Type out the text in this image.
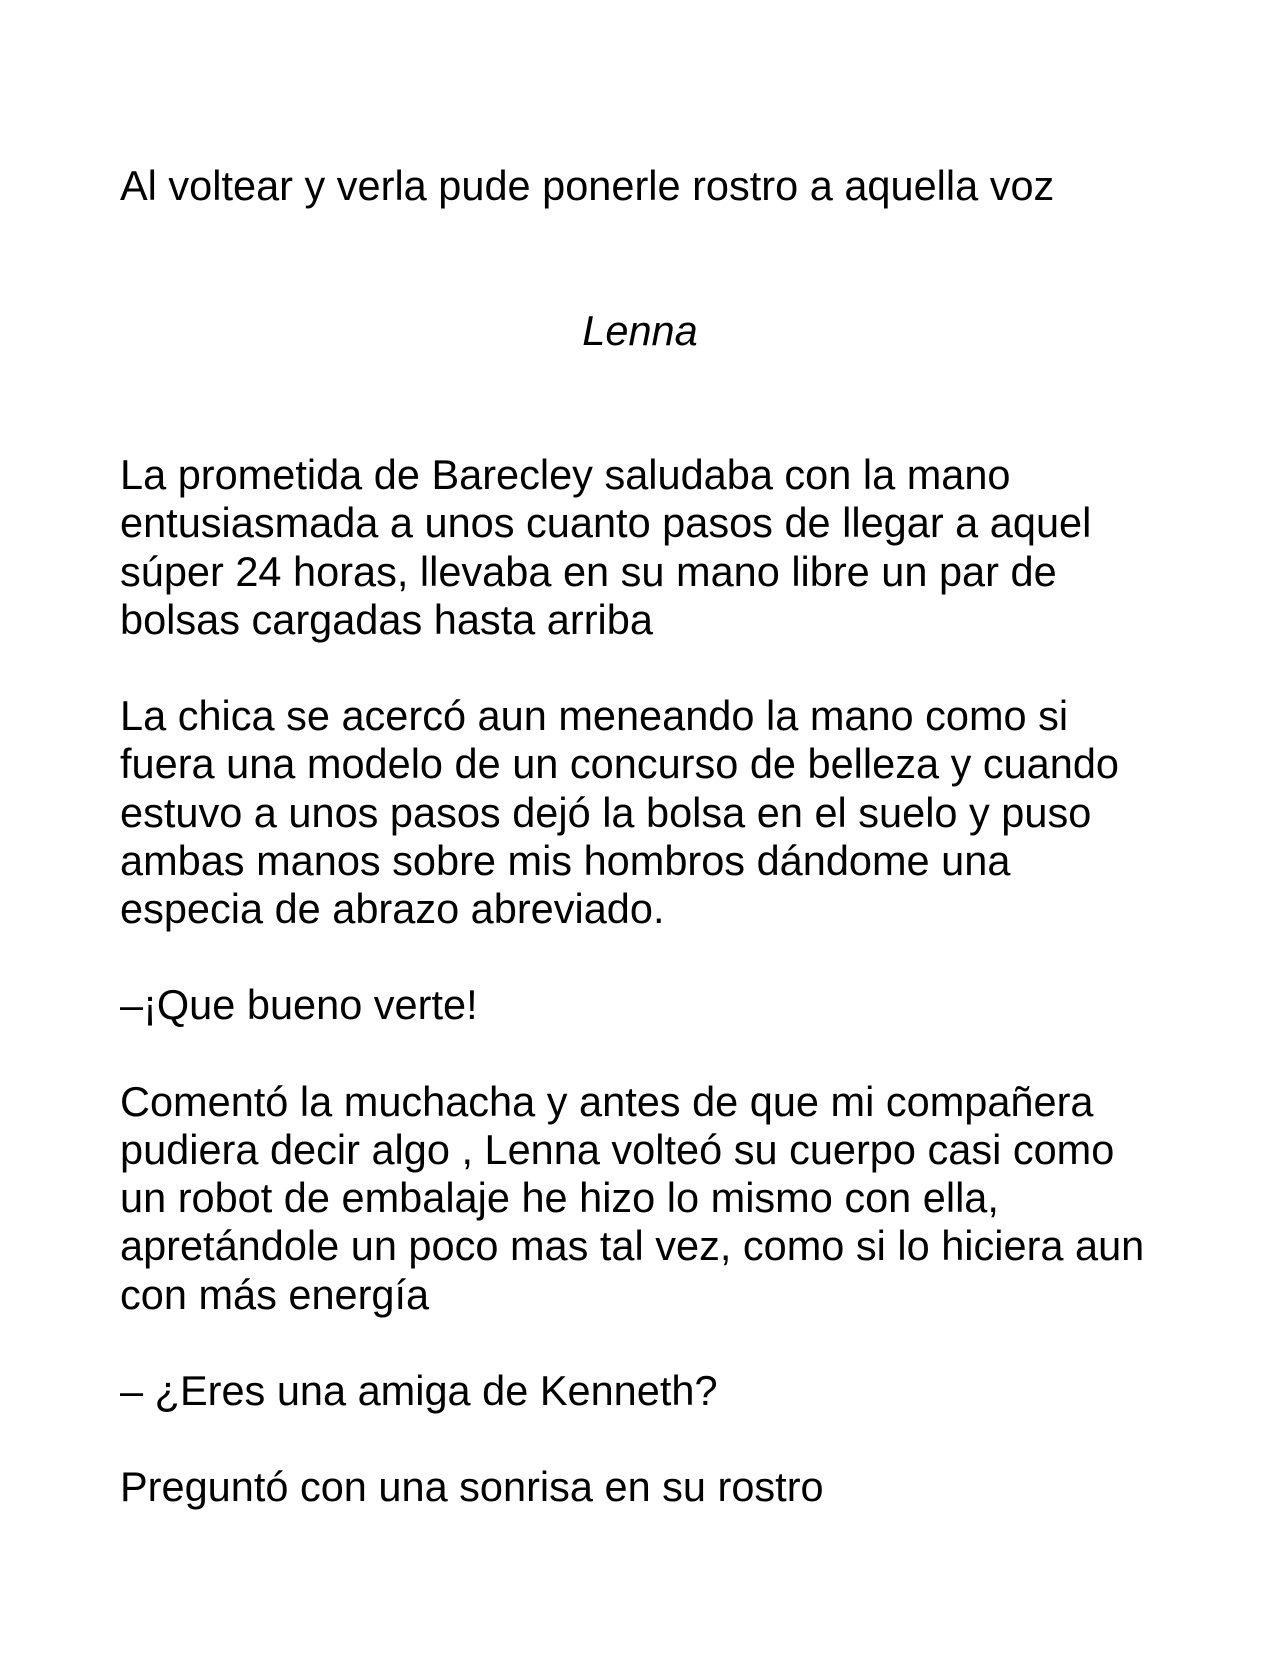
Al voltear y verla pude ponerle rostro a aquella voz

Lenna

La prometida de Barecley saludaba con la mano
entusiasmada a unos cuanto pasos de llegar a aquel
súper 24 horas, llevaba en su mano libre un par de
bolsas cargadas hasta arriba

La chica se acercó aun meneando la mano como si
fuera una modelo de un concurso de belleza y cuando
estuvo a unos pasos dejó la bolsa en el suelo y puso
ambas manos sobre mis hombros dándome una
especia de abrazo abreviado.

–¡Que bueno verte!

Comentó la muchacha y antes de que mi compañera
pudiera decir algo , Lenna volteó su cuerpo casi como
un robot de embalaje he hizo lo mismo con ella,
apretándole un poco mas tal vez, como si lo hiciera aun
con más energía

– ¿Eres una amiga de Kenneth?

Preguntó con una sonrisa en su rostro
